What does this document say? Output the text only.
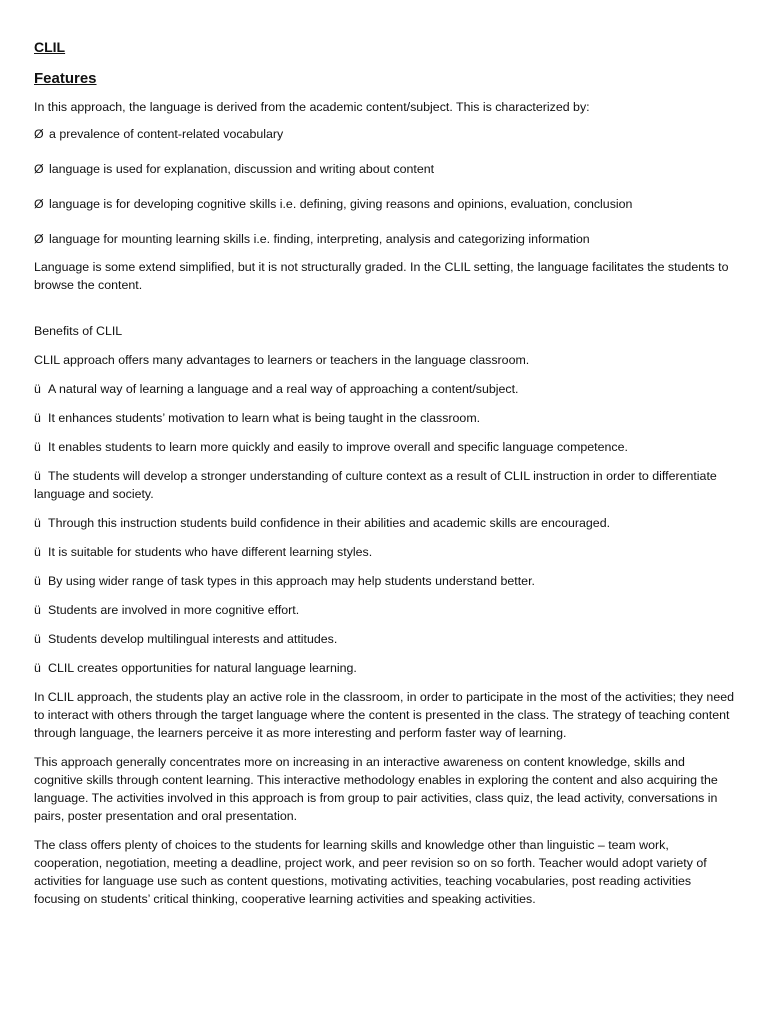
CLIL
Features

In this approach, the language is derived from the academic content/subject. This is characterized by:

Ø a prevalence of content-related vocabulary

Ø language is used for explanation, discussion and writing about content

Ø language is for developing cognitive skills i.e. defining, giving reasons and opinions, evaluation, conclusion

Ø language for mounting learning skills i.e. finding, interpreting, analysis and categorizing information

Language is some extend simplified, but it is not structurally graded. In the CLIL setting, the language facilitates the students to browse the content.

Benefits of CLIL

CLIL approach offers many advantages to learners or teachers in the language classroom.

ü A natural way of learning a language and a real way of approaching a content/subject.

ü It enhances students’ motivation to learn what is being taught in the classroom.

ü It enables students to learn more quickly and easily to improve overall and specific language competence.

ü The students will develop a stronger understanding of culture context as a result of CLIL instruction in order to differentiate language and society.

ü Through this instruction students build confidence in their abilities and academic skills are encouraged.

ü It is suitable for students who have different learning styles.

ü By using wider range of task types in this approach may help students understand better.

ü Students are involved in more cognitive effort.

ü Students develop multilingual interests and attitudes.

ü CLIL creates opportunities for natural language learning.

In CLIL approach, the students play an active role in the classroom, in order to participate in the most of the activities; they need to interact with others through the target language where the content is presented in the class. The strategy of teaching content through language, the learners perceive it as more interesting and perform faster way of learning.

This approach generally concentrates more on increasing in an interactive awareness on content knowledge, skills and cognitive skills through content learning. This interactive methodology enables in exploring the content and also acquiring the language. The activities involved in this approach is from group to pair activities, class quiz, the lead activity, conversations in pairs, poster presentation and oral presentation.

The class offers plenty of choices to the students for learning skills and knowledge other than linguistic – team work, cooperation, negotiation, meeting a deadline, project work, and peer revision so on so forth. Teacher would adopt variety of activities for language use such as content questions, motivating activities, teaching vocabularies, post reading activities focusing on students’ critical thinking, cooperative learning activities and speaking activities.
